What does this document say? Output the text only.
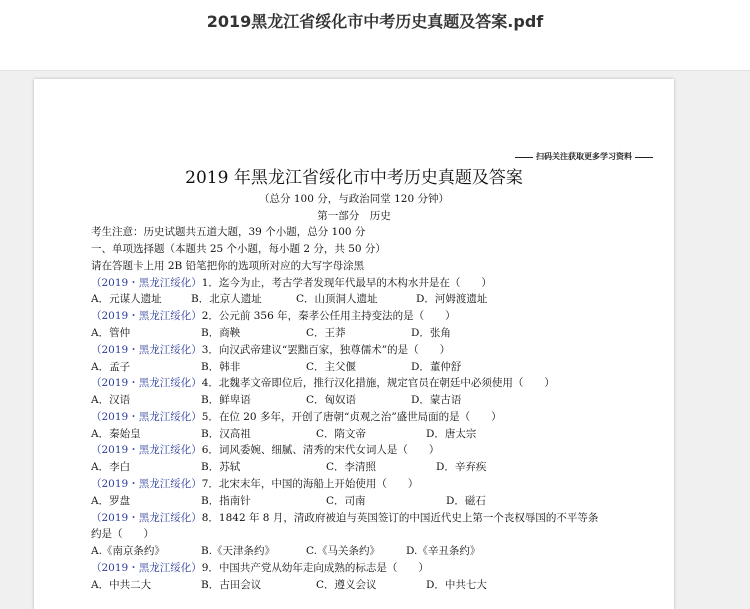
2019黑龙江省绥化市中考历史真题及答案.pdf
扫码关注获取更多学习资料
2019 年黑龙江省绥化市中考历史真题及答案
（总分 100 分，与政治同堂 120 分钟）
第一部分　历史
考生注意：历史试题共五道大题，39 个小题，总分 100 分
一、单项选择题（本题共 25 个小题，每小题 2 分，共 50 分）
请在答题卡上用 2B 铅笔把你的选项所对应的大写字母涂黑
（2019・黑龙江绥化）1．迄今为止，考古学者发现年代最早的木构水井是在（　　）
A．元谋人遗址	B．北京人遗址	C．山顶洞人遗址	D．河姆渡遗址
（2019・黑龙江绥化）2．公元前 356 年，秦孝公任用主持变法的是（　　）
A．管仲	B．商鞅	C．王莽	D．张角
（2019・黑龙江绥化）3．向汉武帝建议“罢黜百家，独尊儒术”的是（　　）
A．孟子	B．韩非	C．主父偃	D．董仲舒
（2019・黑龙江绥化）4．北魏孝文帝即位后，推行汉化措施，规定官员在朝廷中必须使用（　　）
A．汉语	B．鲜卑语	C．匈奴语	D．蒙古语
（2019・黑龙江绥化）5．在位 20 多年，开创了唐朝“贞观之治”盛世局面的是（　　）
A．秦始皇	B．汉高祖	C．隋文帝	D．唐太宗
（2019・黑龙江绥化）6．词风委婉、细腻、清秀的宋代女词人是（　　）
A．李白	B．苏轼	C．李清照	D．辛弃疾
（2019・黑龙江绥化）7．北宋末年，中国的海船上开始使用（　　）
A．罗盘	B．指南针	C．司南	D．磁石
（2019・黑龙江绥化）8．1842 年 8 月，清政府被迫与英国签订的中国近代史上第一个丧权辱国的不平等条
约是（　　）
A.《南京条约》	B.《天津条约》	C.《马关条约》 D.《辛丑条约》
（2019・黑龙江绥化）9．中国共产党从幼年走向成熟的标志是（　　）
A．中共二大	B．古田会议	C．遵义会议	D．中共七大
